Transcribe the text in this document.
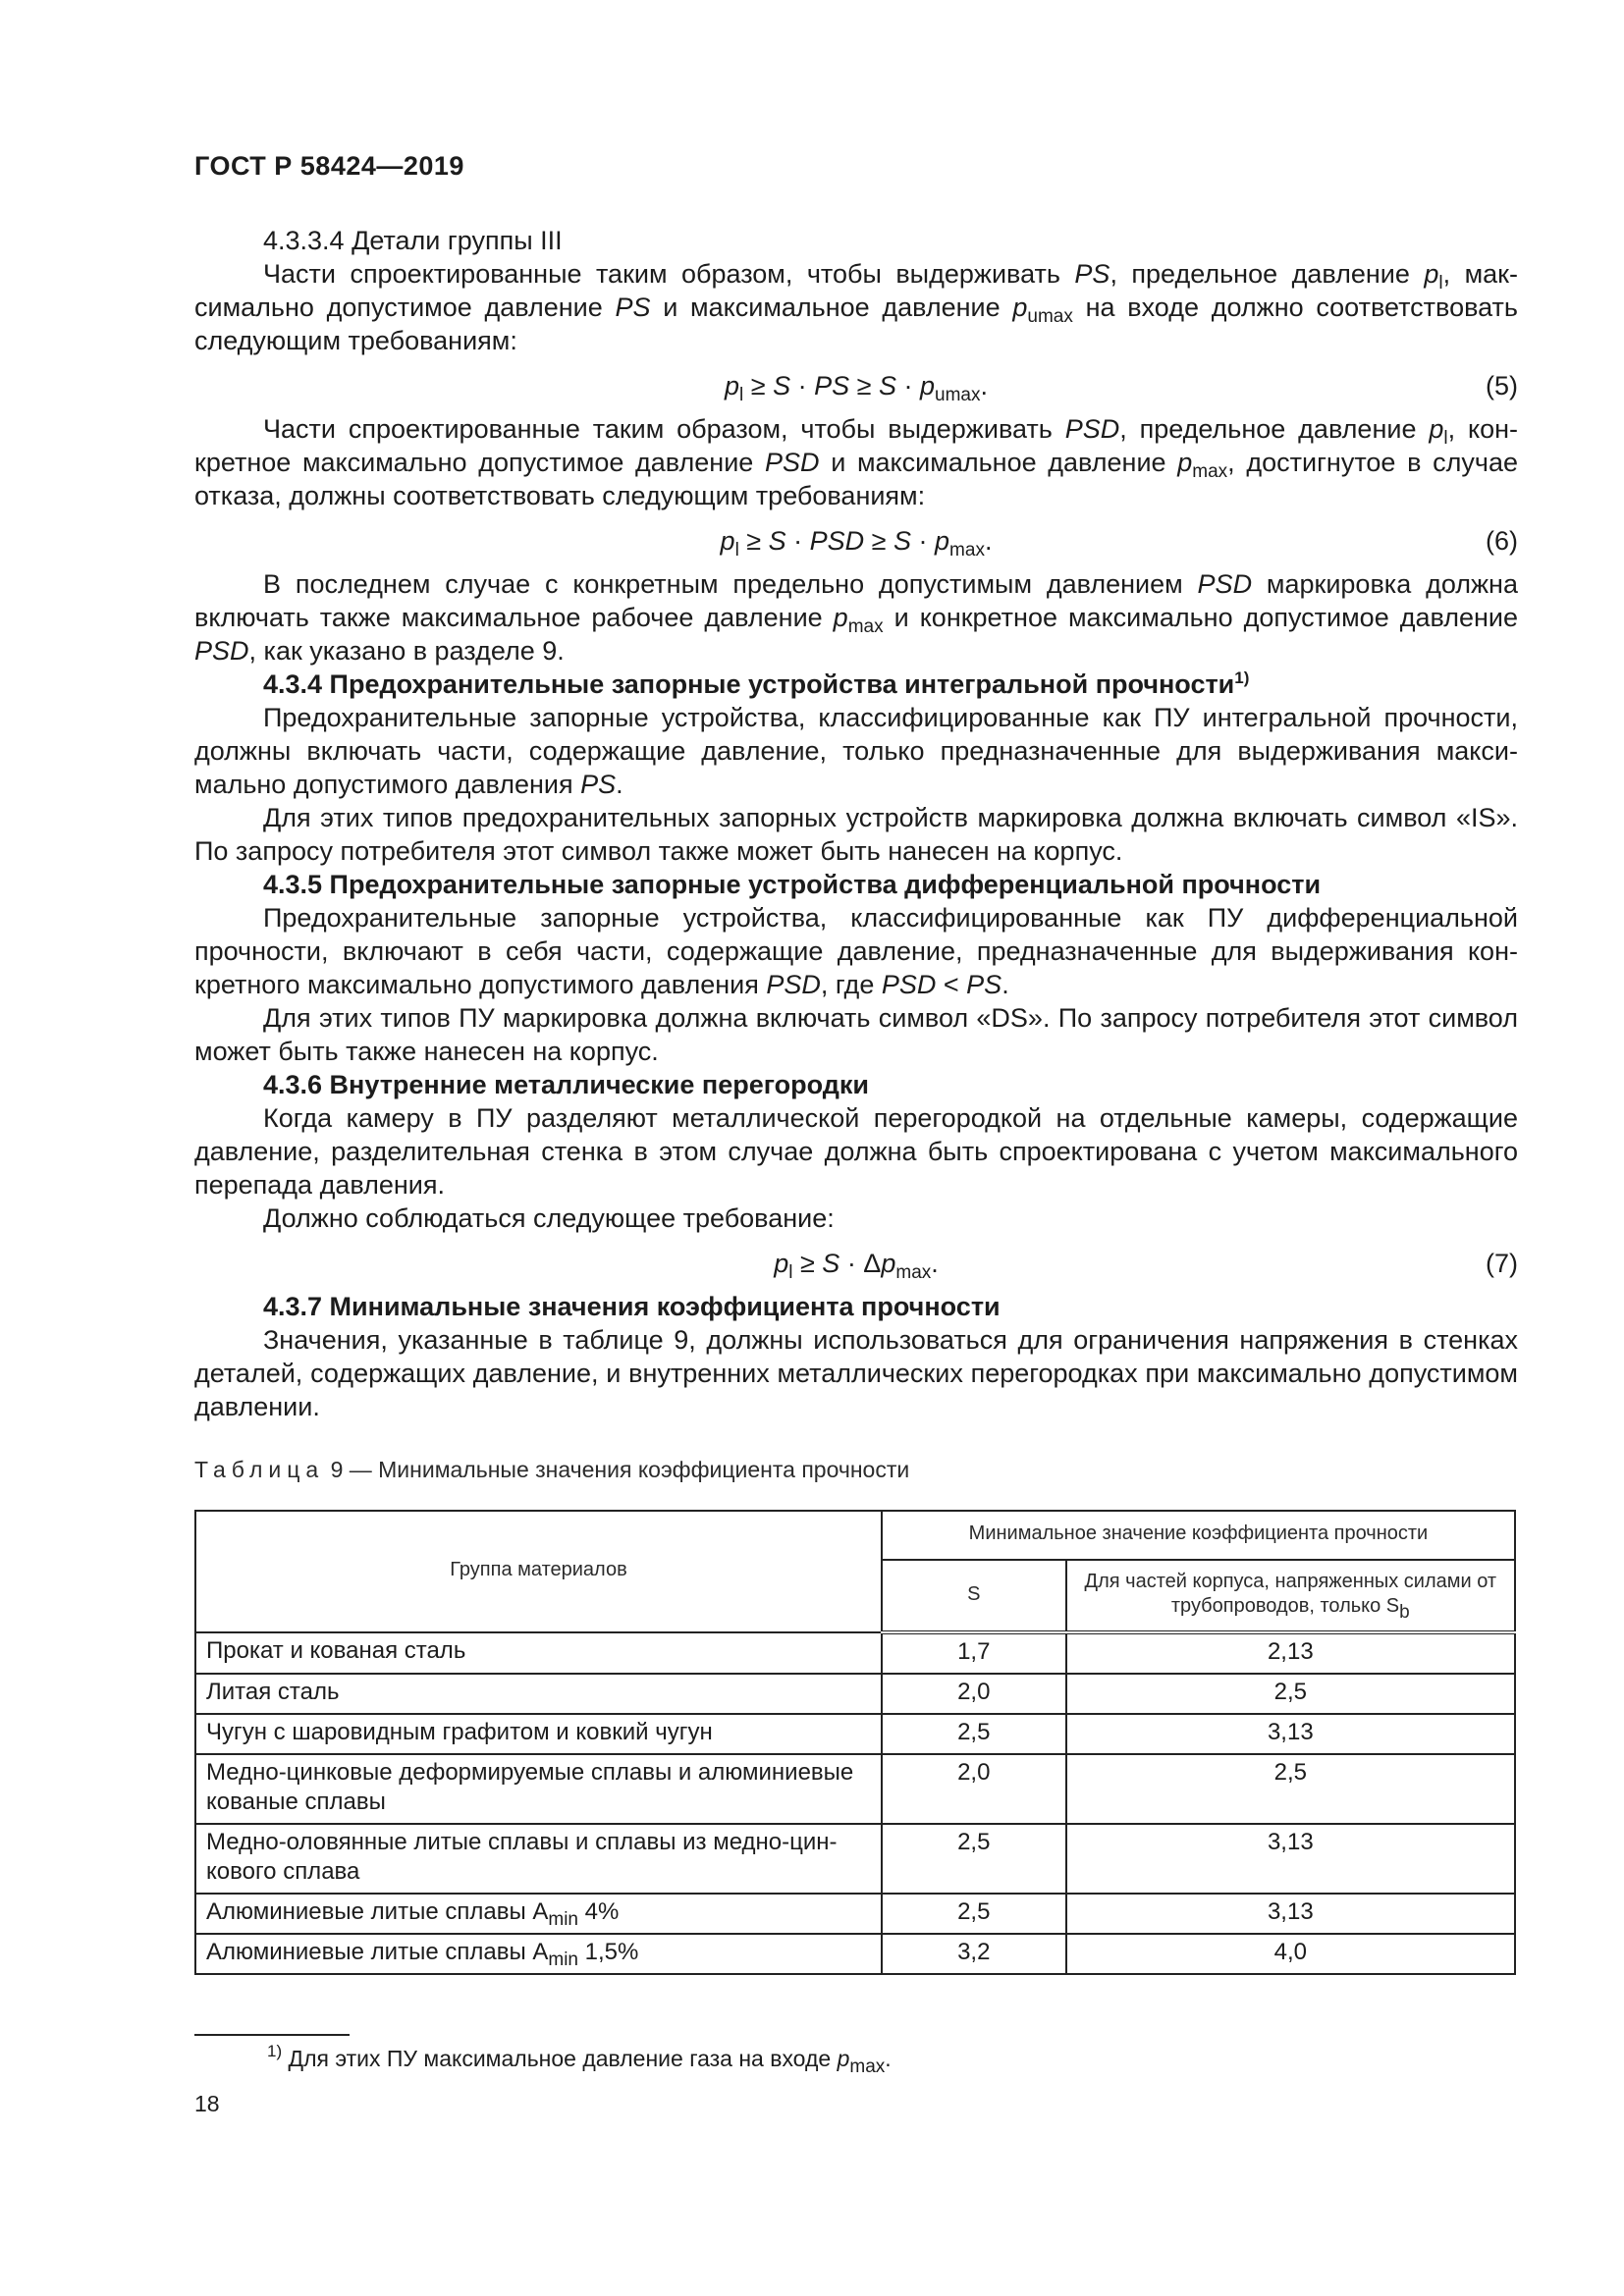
ГОСТ Р 58424—2019

4.3.3.4 Детали группы III

Части спроектированные таким образом, чтобы выдерживать PS, предельное давление $p_l$, максимально допустимое давление PS и максимальное давление $p_{umax}$ на входе должно соответствовать следующим требованиям:

$p_l \ge S$ · PS ≥ $S \cdot p_{umax}$.	(5)

Части спроектированные таким образом, чтобы выдерживать PSD, предельное давление $p_l$, конкретное максимально допустимое давление PSD и максимальное давление $p_{max}$, достигнутое в случае отказа, должны соответствовать следующим требованиям:

$p_l \ge S$ · PSD ≥ $S \cdot p_{max}$.	(6)

В последнем случае с конкретным предельно допустимым давлением PSD маркировка должна включать также максимальное рабочее давление $p_{max}$ и конкретное максимально допустимое давление PSD, как указано в разделе 9.

4.3.4 Предохранительные запорные устройства интегральной прочности$^{1)}$

Предохранительные запорные устройства, классифицированные как ПУ интегральной прочности, должны включать части, содержащие давление, только предназначенные для выдерживания максимально допустимого давления PS.

Для этих типов предохранительных запорных устройств маркировка должна включать символ «IS». По запросу потребителя этот символ также может быть нанесен на корпус.

4.3.5 Предохранительные запорные устройства дифференциальной прочности

Предохранительные запорные устройства, классифицированные как ПУ дифференциальной прочности, включают в себя части, содержащие давление, предназначенные для выдерживания конкретного максимально допустимого давления PSD, где PSD < PS.

Для этих типов ПУ маркировка должна включать символ «DS». По запросу потребителя этот символ может быть также нанесен на корпус.

4.3.6 Внутренние металлические перегородки

Когда камеру в ПУ разделяют металлической перегородкой на отдельные камеры, содержащие давление, разделительная стенка в этом случае должна быть спроектирована с учетом максимального перепада давления.

Должно соблюдаться следующее требование:

$p_l \ge S \cdot \Delta p_{max}$.	(7)

4.3.7 Минимальные значения коэффициента прочности

Значения, указанные в таблице 9, должны использоваться для ограничения напряжения в стенках деталей, содержащих давление, и внутренних металлических перегородках при максимально допустимом давлении.

Таблица 9 — Минимальные значения коэффициента прочности
Группа материалов	Минимальное значение коэффициента прочности	
	S	Для частей корпуса, напряженных силами от трубопроводов, только $S_b$
Прокат и кованая сталь	1,7	2,13
Литая сталь	2,0	2,5
Чугун с шаровидным графитом и ковкий чугун	2,5	3,13
Медно-цинковые деформируемые сплавы и алюминиевые кованые сплавы	2,0	2,5
Медно-оловянные литые сплавы и сплавы из медно-цинкового сплава	2,5	3,13
Алюминиевые литые сплавы $A_{min}$ 4%	2,5	3,13
Алюминиевые литые сплавы $A_{min}$ 1,5%	3,2	4,0
$^{1)}$ Для этих ПУ максимальное давление газа на входе $p_{max}$.
18
